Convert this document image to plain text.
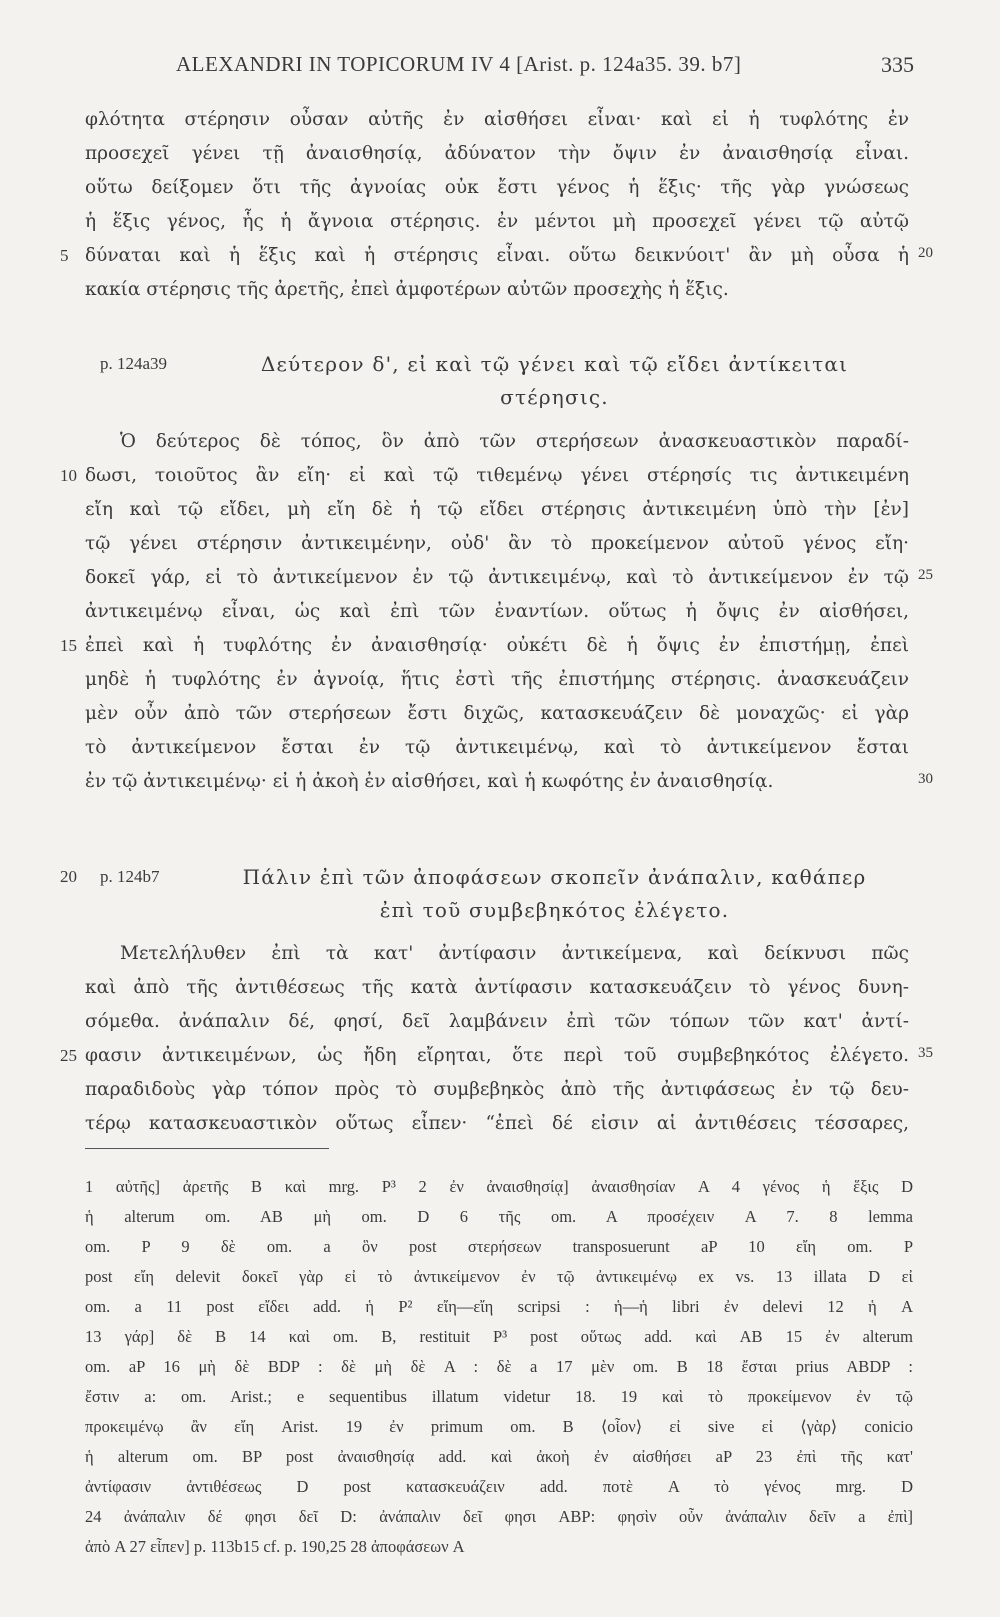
ALEXANDRI IN TOPICORUM IV 4 [Arist. p. 124a35. 39. b7]	335
φλότητα στέρησιν οὖσαν αὐτῆς ἐν αἰσθήσει εἶναι· καὶ εἰ ἡ τυφλότης ἐν
προσεχεῖ γένει τῇ ἀναισθησίᾳ, ἀδύνατον τὴν ὄψιν ἐν ἀναισθησίᾳ εἶναι.
οὕτω δείξομεν ὅτι τῆς ἀγνοίας οὐκ ἔστι γένος ἡ ἕξις· τῆς γὰρ γνώσεως
ἡ ἕξις γένος, ἧς ἡ ἄγνοια στέρησις. ἐν μέντοι μὴ προσεχεῖ γένει τῷ αὐτῷ
δύναται καὶ ἡ ἕξις καὶ ἡ στέρησις εἶναι. οὕτω δεικνύοιτ' ἂν μὴ οὖσα ἡ
κακία στέρησις τῆς ἀρετῆς, ἐπεὶ ἀμφοτέρων αὐτῶν προσεχὴς ἡ ἕξις.
Δεύτερον δ', εἰ καὶ τῷ γένει καὶ τῷ εἴδει ἀντίκειται
στέρησις.
Ὁ δεύτερος δὲ τόπος, ὃν ἀπὸ τῶν στερήσεων ἀνασκευαστικὸν παραδί-
δωσι, τοιοῦτος ἂν εἴη· εἰ καὶ τῷ τιθεμένῳ γένει στέρησίς τις ἀντικειμένη
εἴη καὶ τῷ εἴδει, μὴ εἴη δὲ ἡ τῷ εἴδει στέρησις ἀντικειμένη ὑπὸ τὴν [ἐν]
τῷ γένει στέρησιν ἀντικειμένην, οὐδ' ἂν τὸ προκείμενον αὐτοῦ γένος εἴη·
δοκεῖ γάρ, εἰ τὸ ἀντικείμενον ἐν τῷ ἀντικειμένῳ, καὶ τὸ ἀντικείμενον ἐν τῷ
ἀντικειμένῳ εἶναι, ὡς καὶ ἐπὶ τῶν ἐναντίων. οὕτως ἡ ὄψις ἐν αἰσθήσει,
ἐπεὶ καὶ ἡ τυφλότης ἐν ἀναισθησίᾳ· οὐκέτι δὲ ἡ ὄψις ἐν ἐπιστήμῃ, ἐπεὶ
μηδὲ ἡ τυφλότης ἐν ἀγνοίᾳ, ἥτις ἐστὶ τῆς ἐπιστήμης στέρησις. ἀνασκευάζειν
μὲν οὖν ἀπὸ τῶν στερήσεων ἔστι διχῶς, κατασκευάζειν δὲ μοναχῶς· εἰ γὰρ
τὸ ἀντικείμενον ἔσται ἐν τῷ ἀντικειμένῳ, καὶ τὸ ἀντικείμενον ἔσται
ἐν τῷ ἀντικειμένῳ· εἰ ἡ ἀκοὴ ἐν αἰσθήσει, καὶ ἡ κωφότης ἐν ἀναισθησίᾳ.
Πάλιν ἐπὶ τῶν ἀποφάσεων σκοπεῖν ἀνάπαλιν, καθάπερ
ἐπὶ τοῦ συμβεβηκότος ἐλέγετο.
Μετελήλυθεν ἐπὶ τὰ κατ' ἀντίφασιν ἀντικείμενα, καὶ δείκνυσι πῶς
καὶ ἀπὸ τῆς ἀντιθέσεως τῆς κατὰ ἀντίφασιν κατασκευάζειν τὸ γένος δυνη-
σόμεθα. ἀνάπαλιν δέ, φησί, δεῖ λαμβάνειν ἐπὶ τῶν τόπων τῶν κατ' ἀντί-
φασιν ἀντικειμένων, ὡς ἤδη εἴρηται, ὅτε περὶ τοῦ συμβεβηκότος ἐλέγετο.
παραδιδοὺς γὰρ τόπον πρὸς τὸ συμβεβηκὸς ἀπὸ τῆς ἀντιφάσεως ἐν τῷ δευ-
τέρῳ κατασκευαστικὸν οὕτως εἶπεν· “ἐπεὶ δέ εἰσιν αἱ ἀντιθέσεις τέσσαρες,
5
10
15
20
25
20
25
30
35
p. 124a39
p. 124b7
1 αὐτῆς] ἀρετῆς B καὶ mrg. P³ 2 ἐν ἀναισθησίᾳ] ἀναισθησίαν A 4 γένος ἡ ἕξις D
ἡ alterum om. AB μὴ om. D 6 τῆς om. A προσέχειν A 7. 8 lemma
om. P 9 δὲ om. a ὃν post στερήσεων transposuerunt aP 10 εἴη om. P
post εἴη delevit δοκεῖ γὰρ εἰ τὸ ἀντικείμενον ἐν τῷ ἀντικειμένῳ ex vs. 13 illata D εἰ
om. a 11 post εἴδει add. ἡ P² εἴη—εἴη scripsi : ἡ—ἡ libri ἐν delevi 12 ἡ A
13 γάρ] δὲ B 14 καὶ om. B, restituit P³ post οὕτως add. καὶ AB 15 ἐν alterum
om. aP 16 μὴ δὲ BDP : δὲ μὴ δὲ A : δὲ a 17 μὲν om. B 18 ἔσται prius ABDP :
ἔστιν a: om. Arist.; e sequentibus illatum videtur 18. 19 καὶ τὸ προκείμενον ἐν τῷ
προκειμένῳ ἂν εἴη Arist. 19 ἐν primum om. B ⟨οἷον⟩ εἰ sive εἰ ⟨γὰρ⟩ conicio
ἡ alterum om. BP post ἀναισθησίᾳ add. καὶ ἀκοὴ ἐν αἰσθήσει aP 23 ἐπὶ τῆς κατ'
ἀντίφασιν ἀντιθέσεως D post κατασκευάζειν add. ποτὲ A τὸ γένος mrg. D
24 ἀνάπαλιν δέ φησι δεῖ D: ἀνάπαλιν δεῖ φησι ABP: φησὶν οὖν ἀνάπαλιν δεῖν a ἐπὶ]
ἀπὸ A 27 εἶπεν] p. 113b15 cf. p. 190,25 28 ἀποφάσεων A
